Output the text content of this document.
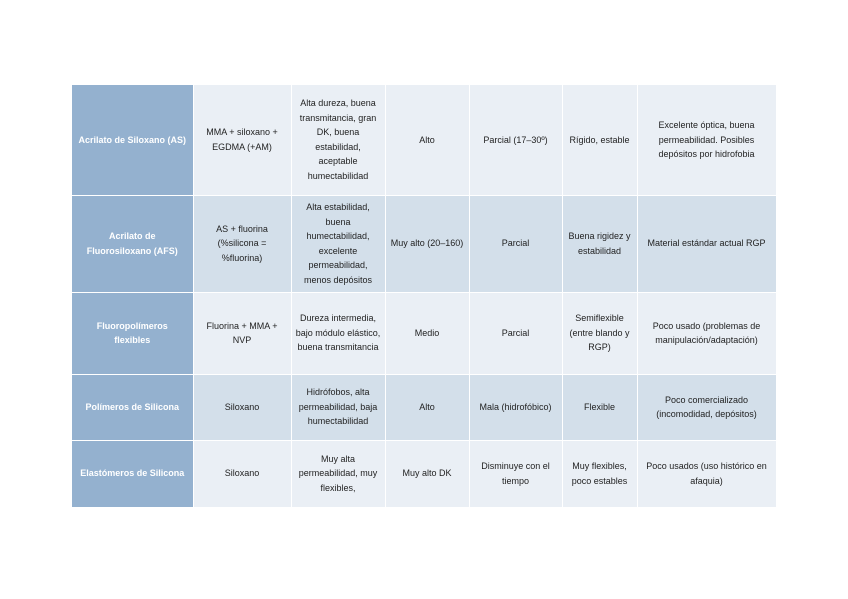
Acrilato de Siloxano (AS)	MMA + siloxano + EGDMA (+AM)	Alta dureza, buena transmitancia, gran DK, buena estabilidad, aceptable humectabilidad	Alto	Parcial (17–30º)	Rígido, estable	Excelente óptica, buena permeabilidad. Posibles depósitos por hidrofobia
Acrilato de Fluorosiloxano (AFS)	AS + fluorina (%silicona = %fluorina)	Alta estabilidad, buena humectabilidad, excelente permeabilidad, menos depósitos	Muy alto (20–160)	Parcial	Buena rigidez y estabilidad	Material estándar actual RGP
Fluoropolímeros flexibles	Fluorina + MMA + NVP	Dureza intermedia, bajo módulo elástico, buena transmitancia	Medio	Parcial	Semiflexible (entre blando y RGP)	Poco usado (problemas de manipulación/adaptación)
Polímeros de Silicona	Siloxano	Hidrófobos, alta permeabilidad, baja humectabilidad	Alto	Mala (hidrofóbico)	Flexible	Poco comercializado (incomodidad, depósitos)
Elastómeros de Silicona	Siloxano	Muy alta permeabilidad, muy flexibles,	Muy alto DK	Disminuye con el tiempo	Muy flexibles, poco estables	Poco usados (uso histórico en afaquia)
